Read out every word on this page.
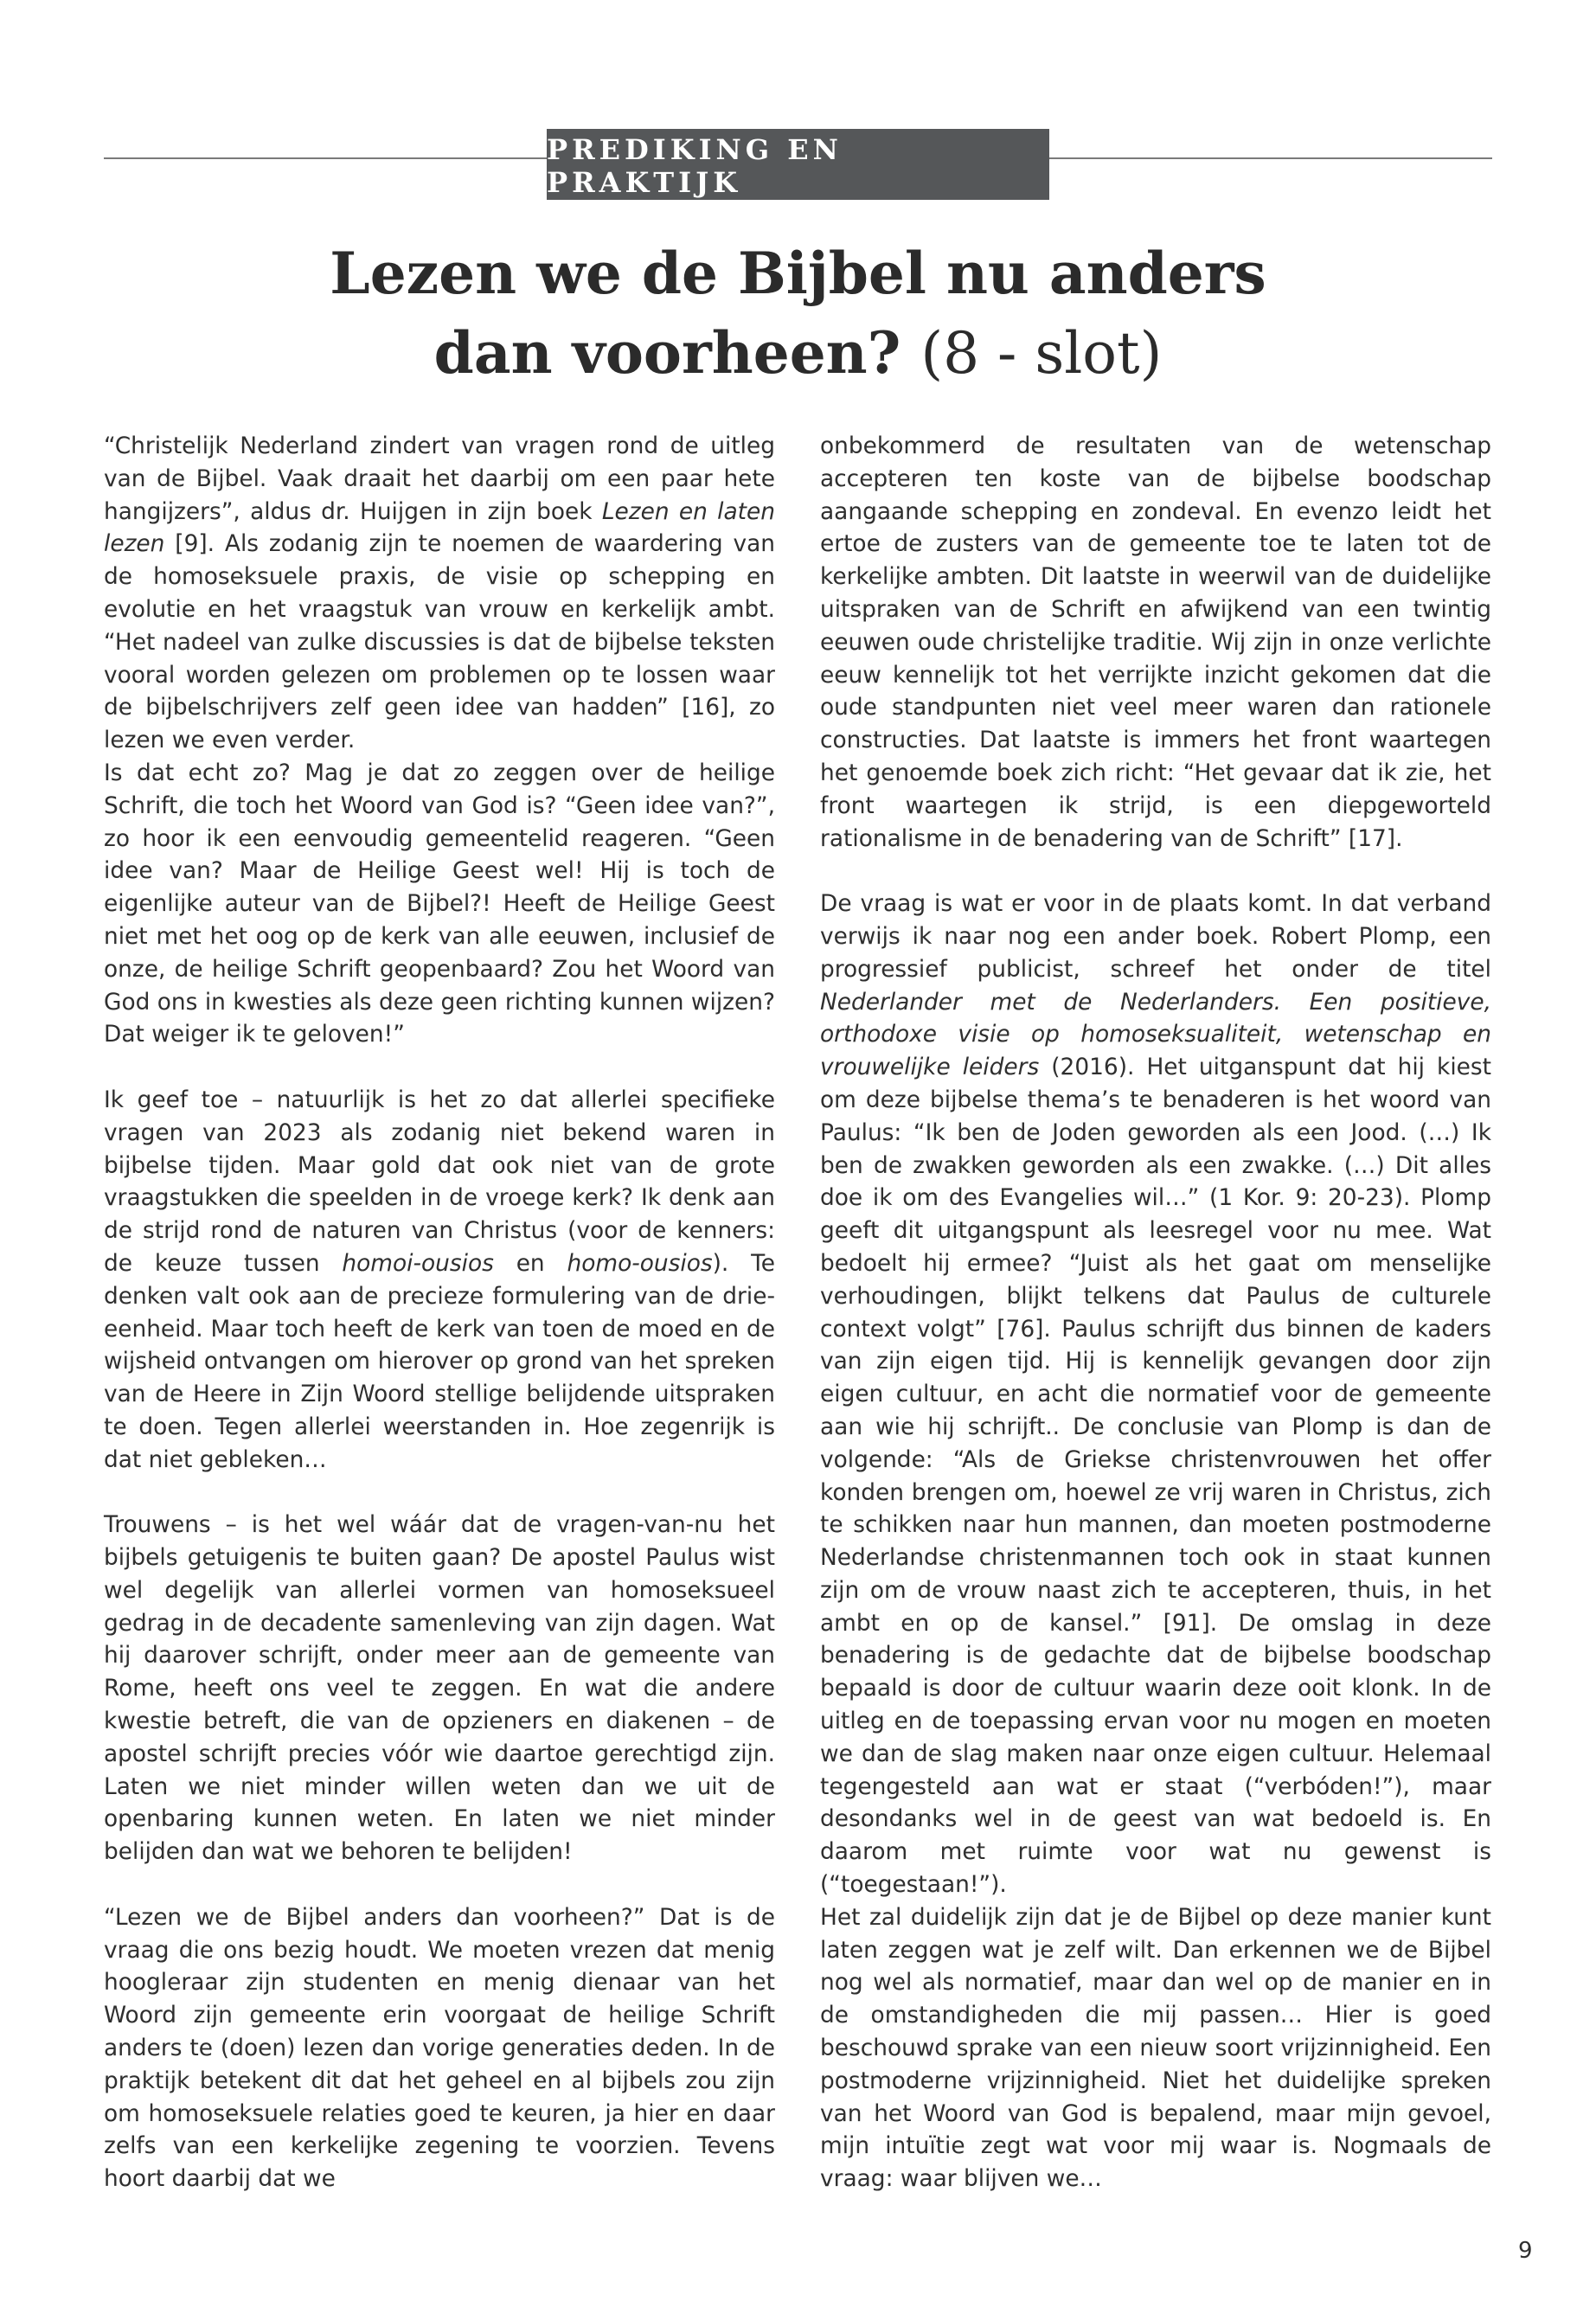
PREDIKING EN PRAKTIJK
Lezen we de Bijbel nu anders
dan voorheen? (8 - slot)

“Christelijk Nederland zindert van vragen rond de uitleg van de Bijbel. Vaak draait het daarbij om een paar hete hangijzers”, aldus dr. Huijgen in zijn boek Lezen en laten lezen [9]. Als zodanig zijn te noemen de waardering van de homoseksuele praxis, de visie op schepping en evolutie en het vraagstuk van vrouw en kerkelijk ambt. “Het nadeel van zulke discussies is dat de bijbelse teksten vooral worden gelezen om problemen op te lossen waar de bijbelschrijvers zelf geen idee van hadden” [16], zo lezen we even verder.

Is dat echt zo? Mag je dat zo zeggen over de heilige Schrift, die toch het Woord van God is? “Geen idee van?”, zo hoor ik een eenvoudig gemeentelid reageren. “Geen idee van? Maar de Heilige Geest wel! Hij is toch de eigenlijke auteur van de Bijbel?! Heeft de Heilige Geest niet met het oog op de kerk van alle eeuwen, inclusief de onze, de heilige Schrift geopenbaard? Zou het Woord van God ons in kwesties als deze geen richting kunnen wijzen? Dat weiger ik te geloven!”

Ik geef toe – natuurlijk is het zo dat allerlei specifieke vragen van 2023 als zodanig niet bekend waren in bijbelse tijden. Maar gold dat ook niet van de grote vraagstukken die speelden in de vroege kerk? Ik denk aan de strijd rond de naturen van Christus (voor de kenners: de keuze tussen homoi-ousios en homo-ousios). Te denken valt ook aan de precieze formulering van de drie-eenheid. Maar toch heeft de kerk van toen de moed en de wijsheid ontvangen om hierover op grond van het spreken van de Heere in Zijn Woord stellige belijdende uitspraken te doen. Tegen allerlei weerstanden in. Hoe zegenrijk is dat niet gebleken…

Trouwens – is het wel wáár dat de vragen-van-nu het bijbels getuigenis te buiten gaan? De apostel Paulus wist wel degelijk van allerlei vormen van homoseksueel gedrag in de decadente samenleving van zijn dagen. Wat hij daarover schrijft, onder meer aan de gemeente van Rome, heeft ons veel te zeggen. En wat die andere kwestie betreft, die van de opzieners en diakenen – de apostel schrijft precies vóór wie daartoe gerechtigd zijn. Laten we niet minder willen weten dan we uit de openbaring kunnen weten. En laten we niet minder belijden dan wat we behoren te belijden!

“Lezen we de Bijbel anders dan voorheen?” Dat is de vraag die ons bezig houdt. We moeten vrezen dat menig hoogleraar zijn studenten en menig dienaar van het Woord zijn gemeente erin voorgaat de heilige Schrift anders te (doen) lezen dan vorige generaties deden. In de praktijk betekent dit dat het geheel en al bijbels zou zijn om homoseksuele relaties goed te keuren, ja hier en daar zelfs van een kerkelijke zegening te voorzien. Tevens hoort daarbij dat we

onbekommerd de resultaten van de wetenschap accepteren ten koste van de bijbelse boodschap aangaande schepping en zondeval. En evenzo leidt het ertoe de zusters van de gemeente toe te laten tot de kerkelijke ambten. Dit laatste in weerwil van de duidelijke uitspraken van de Schrift en afwijkend van een twintig eeuwen oude christelijke traditie. Wij zijn in onze verlichte eeuw kennelijk tot het verrijkte inzicht gekomen dat die oude standpunten niet veel meer waren dan rationele constructies. Dat laatste is immers het front waartegen het genoemde boek zich richt: “Het gevaar dat ik zie, het front waartegen ik strijd, is een diepgeworteld rationalisme in de benadering van de Schrift” [17].

De vraag is wat er voor in de plaats komt. In dat verband verwijs ik naar nog een ander boek. Robert Plomp, een progressief publicist, schreef het onder de titel Nederlander met de Nederlanders. Een positieve, orthodoxe visie op homoseksualiteit, wetenschap en vrouwelijke leiders (2016). Het uitganspunt dat hij kiest om deze bijbelse thema’s te benaderen is het woord van Paulus: “Ik ben de Joden geworden als een Jood. (…) Ik ben de zwakken geworden als een zwakke. (…) Dit alles doe ik om des Evangelies wil…” (1 Kor. 9: 20-23). Plomp geeft dit uitgangspunt als leesregel voor nu mee. Wat bedoelt hij ermee? “Juist als het gaat om menselijke verhoudingen, blijkt telkens dat Paulus de culturele context volgt” [76]. Paulus schrijft dus binnen de kaders van zijn eigen tijd. Hij is kennelijk gevangen door zijn eigen cultuur, en acht die normatief voor de gemeente aan wie hij schrijft.. De conclusie van Plomp is dan de volgende: “Als de Griekse christenvrouwen het offer konden brengen om, hoewel ze vrij waren in Christus, zich te schikken naar hun mannen, dan moeten postmoderne Nederlandse christenmannen toch ook in staat kunnen zijn om de vrouw naast zich te accepteren, thuis, in het ambt en op de kansel.” [91]. De omslag in deze benadering is de gedachte dat de bijbelse boodschap bepaald is door de cultuur waarin deze ooit klonk. In de uitleg en de toepassing ervan voor nu mogen en moeten we dan de slag maken naar onze eigen cultuur. Helemaal tegengesteld aan wat er staat (“verbóden!”), maar desondanks wel in de geest van wat bedoeld is. En daarom met ruimte voor wat nu gewenst is (“toegestaan!”).

Het zal duidelijk zijn dat je de Bijbel op deze manier kunt laten zeggen wat je zelf wilt. Dan erkennen we de Bijbel nog wel als normatief, maar dan wel op de manier en in de omstandigheden die mij passen… Hier is goed beschouwd sprake van een nieuw soort vrijzinnigheid. Een postmoderne vrijzinnigheid. Niet het duidelijke spreken van het Woord van God is bepalend, maar mijn gevoel, mijn intuïtie zegt wat voor mij waar is. Nogmaals de vraag: waar blijven we…

9
